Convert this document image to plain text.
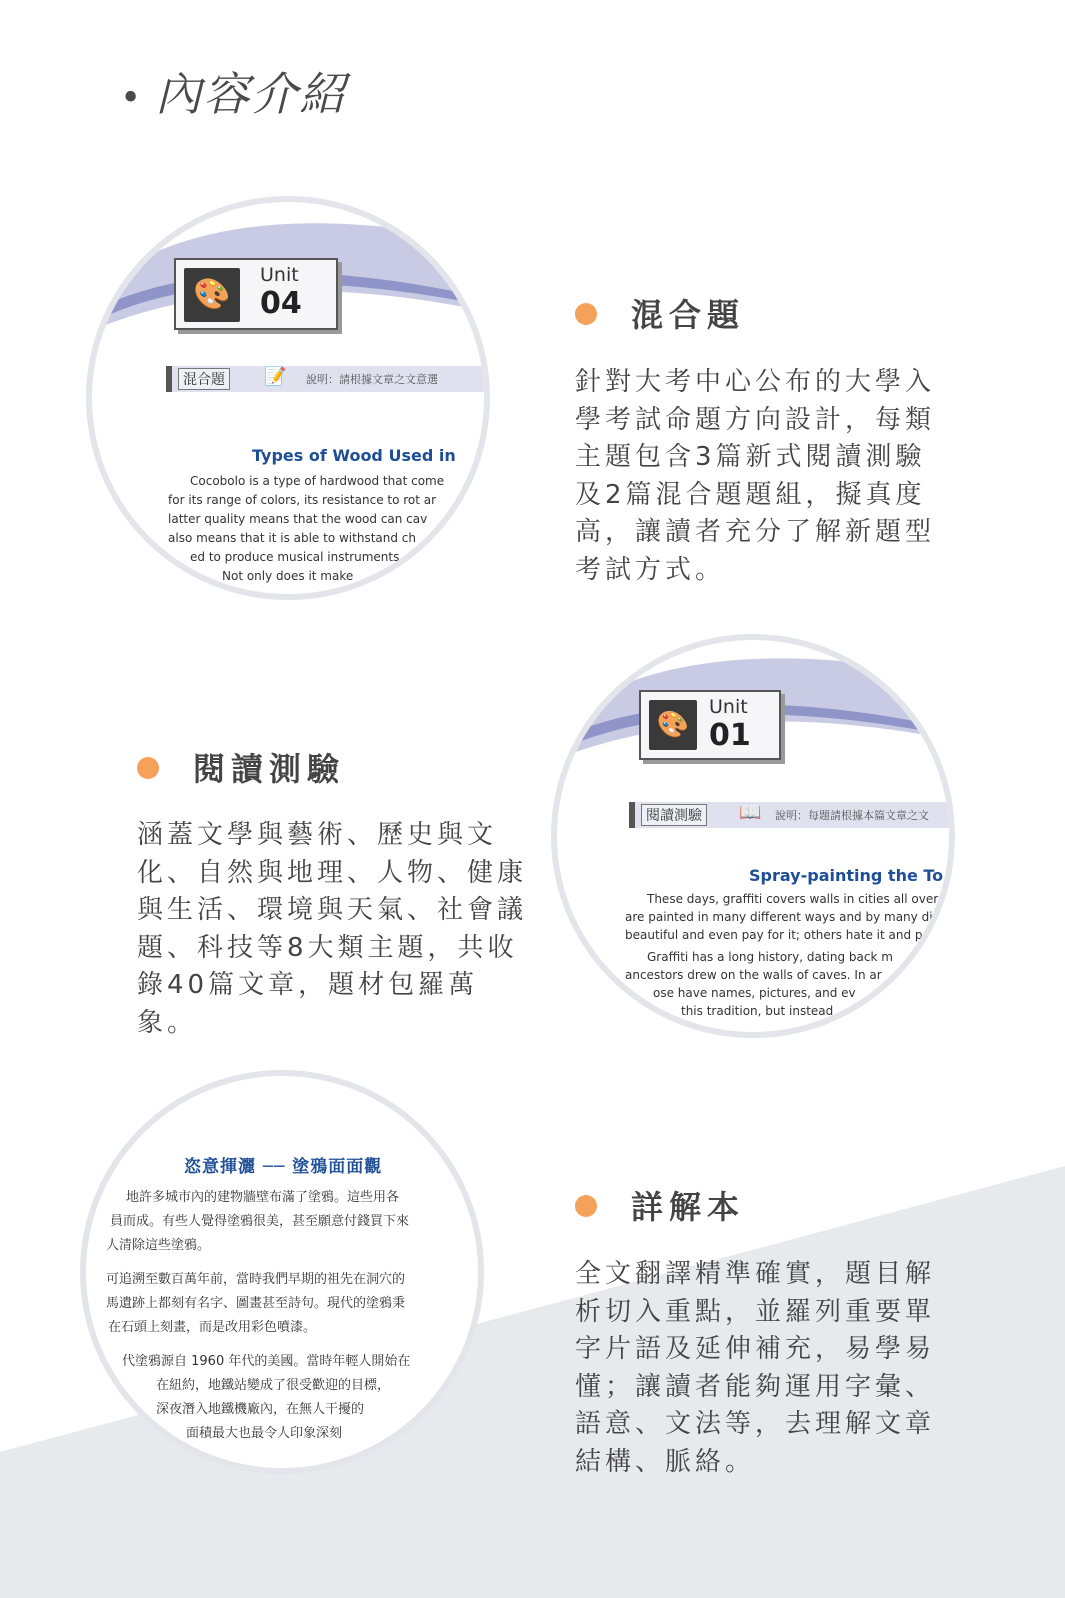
• 內容介紹
🎨
Unit
04
混合題 📝 說明：請根據文章之文意選
Types of Wood Used in
Cocobolo is a type of hardwood that come
for its range of colors, its resistance to rot ar
latter quality means that the wood can cav
also means that it is able to withstand ch
ed to produce musical instruments
Not only does it make
混合題
針對大考中心公布的大學入學考試命題方向設計，每類主題包含3篇新式閱讀測驗及2篇混合題題組，擬真度高，讓讀者充分了解新題型考試方式。
🎨
Unit
01
閱讀測驗 📖 說明：每題請根據本篇文章之文
Spray-painting the To
These days, graffiti covers walls in cities all over
are painted in many different ways and by many dif
beautiful and even pay for it; others hate it and pay
Graffiti has a long history, dating back m
ancestors drew on the walls of caves. In ar
ose have names, pictures, and ev
this tradition, but instead
閱讀測驗
涵蓋文學與藝術、歷史與文化、自然與地理、人物、健康與生活、環境與天氣、社會議題、科技等8大類主題，共收錄40篇文章，題材包羅萬象。
恣意揮灑 ── 塗鴉面面觀
地許多城市內的建物牆壁布滿了塗鴉。這些用各
員而成。有些人覺得塗鴉很美，甚至願意付錢買下來
人清除這些塗鴉。
可追溯至數百萬年前，當時我們早期的祖先在洞穴的
馬遺跡上都刻有名字、圖畫甚至詩句。現代的塗鴉秉
在石頭上刻畫，而是改用彩色噴漆。
代塗鴉源自 1960 年代的美國。當時年輕人開始在
在紐約，地鐵站變成了很受歡迎的目標，
深夜潛入地鐵機廠內，在無人干擾的
面積最大也最令人印象深刻
詳解本
全文翻譯精準確實，題目解析切入重點，並羅列重要單字片語及延伸補充，易學易懂；讓讀者能夠運用字彙、語意、文法等，去理解文章結構、脈絡。
